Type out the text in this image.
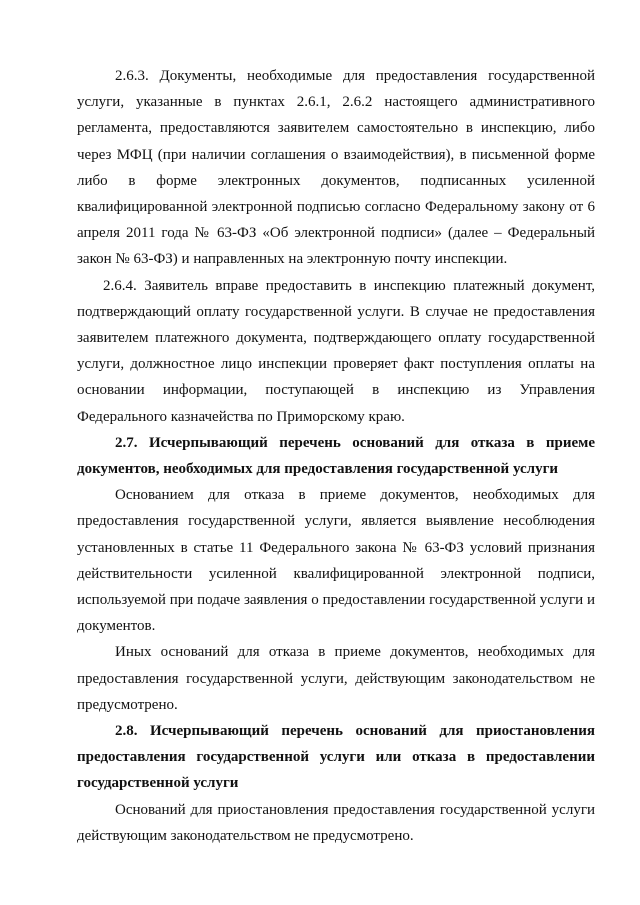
2.6.3. Документы, необходимые для предоставления государственной услуги, указанные в пунктах 2.6.1, 2.6.2 настоящего административного регламента, предоставляются заявителем самостоятельно в инспекцию, либо через МФЦ (при наличии соглашения о взаимодействия), в письменной форме либо в форме электронных документов, подписанных усиленной квалифицированной электронной подписью согласно Федеральному закону от 6 апреля 2011 года № 63-ФЗ «Об электронной подписи» (далее – Федеральный закон № 63-ФЗ) и направленных на электронную почту инспекции.

2.6.4. Заявитель вправе предоставить в инспекцию платежный документ, подтверждающий оплату государственной услуги. В случае не предоставления заявителем платежного документа, подтверждающего оплату государственной услуги, должностное лицо инспекции проверяет факт поступления оплаты на основании информации, поступающей в инспекцию из Управления Федерального казначейства по Приморскому краю.

2.7. Исчерпывающий перечень оснований для отказа в приеме документов, необходимых для предоставления государственной услуги

Основанием для отказа в приеме документов, необходимых для предоставления государственной услуги, является выявление несоблюдения установленных в статье 11 Федерального закона № 63-ФЗ условий признания действительности усиленной квалифицированной электронной подписи, используемой при подаче заявления о предоставлении государственной услуги и документов.

Иных оснований для отказа в приеме документов, необходимых для предоставления государственной услуги, действующим законодательством не предусмотрено.

2.8. Исчерпывающий перечень оснований для приостановления предоставления государственной услуги или отказа в предоставлении государственной услуги

Оснований для приостановления предоставления государственной услуги действующим законодательством не предусмотрено.
